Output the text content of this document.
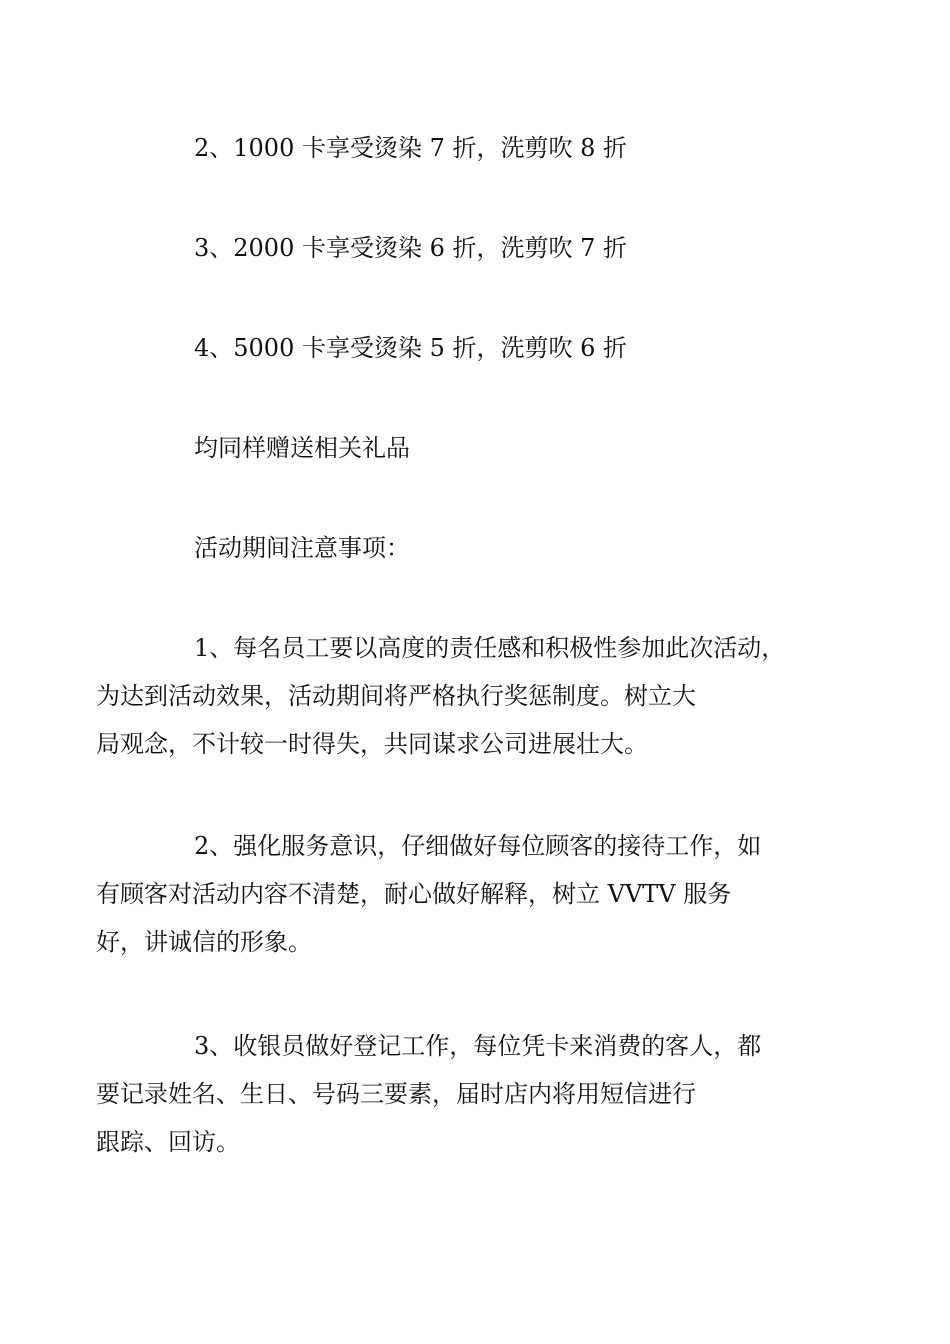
2、1000 卡享受烫染 7 折，洗剪吹 8 折

3、2000 卡享受烫染 6 折，洗剪吹 7 折

4、5000 卡享受烫染 5 折，洗剪吹 6 折

均同样赠送相关礼品

活动期间注意事项：

1、每名员工要以高度的责任感和积极性参加此次活动，
为达到活动效果，活动期间将严格执行奖惩制度。树立大
局观念，不计较一时得失，共同谋求公司进展壮大。

2、强化服务意识，仔细做好每位顾客的接待工作，如
有顾客对活动内容不清楚，耐心做好解释，树立 VVTV 服务
好，讲诚信的形象。

3、收银员做好登记工作，每位凭卡来消费的客人，都
要记录姓名、生日、号码三要素，届时店内将用短信进行
跟踪、回访。
